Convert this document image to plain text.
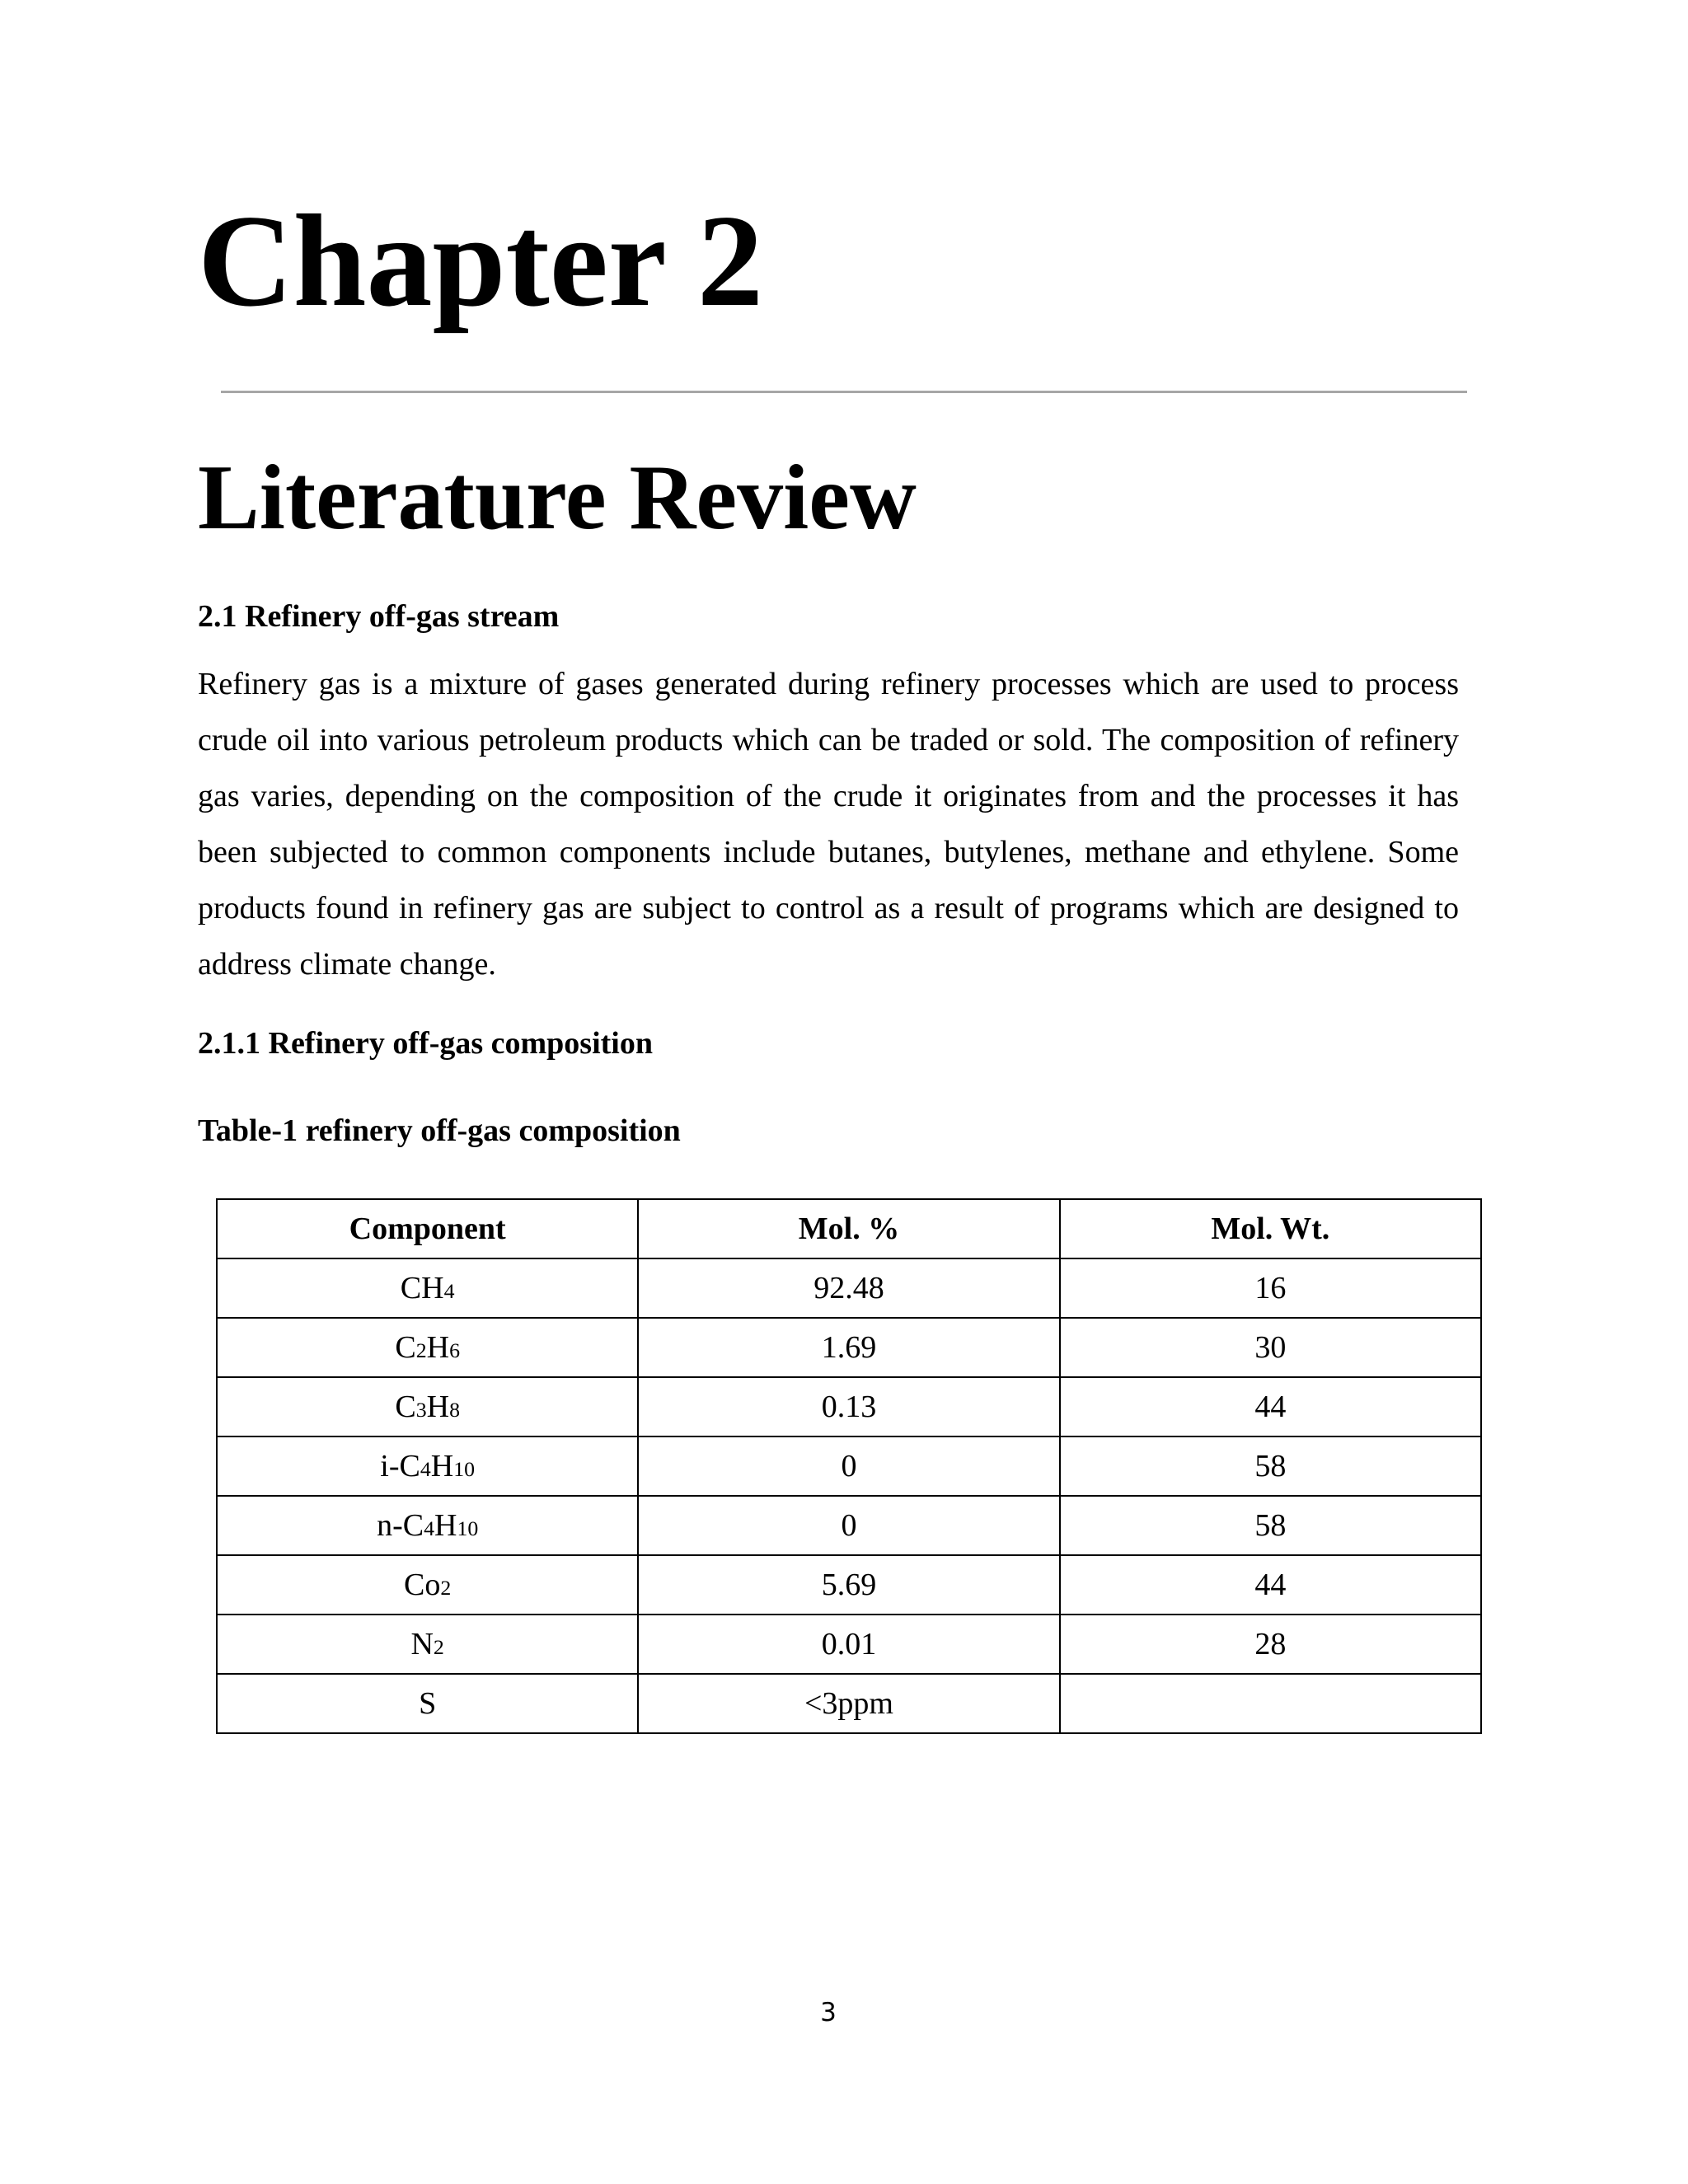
Chapter 2
Literature Review
2.1 Refinery off-gas stream

Refinery gas is a mixture of gases generated during refinery processes which are used to process crude oil into various petroleum products which can be traded or sold. The composition of refinery gas varies, depending on the composition of the crude it originates from and the processes it has been subjected to common components include butanes, butylenes, methane and ethylene. Some products found in refinery gas are subject to control as a result of programs which are designed to address climate change.

2.1.1 Refinery off-gas composition
Table-1 refinery off-gas composition
Component	Mol. %	Mol. Wt.
CH4	92.48	16
C2H6	1.69	30
C3H8	0.13	44
i-C4H10	0	58
n-C4H10	0	58
Co2	5.69	44
N2	0.01	28
S	<3ppm	
3
